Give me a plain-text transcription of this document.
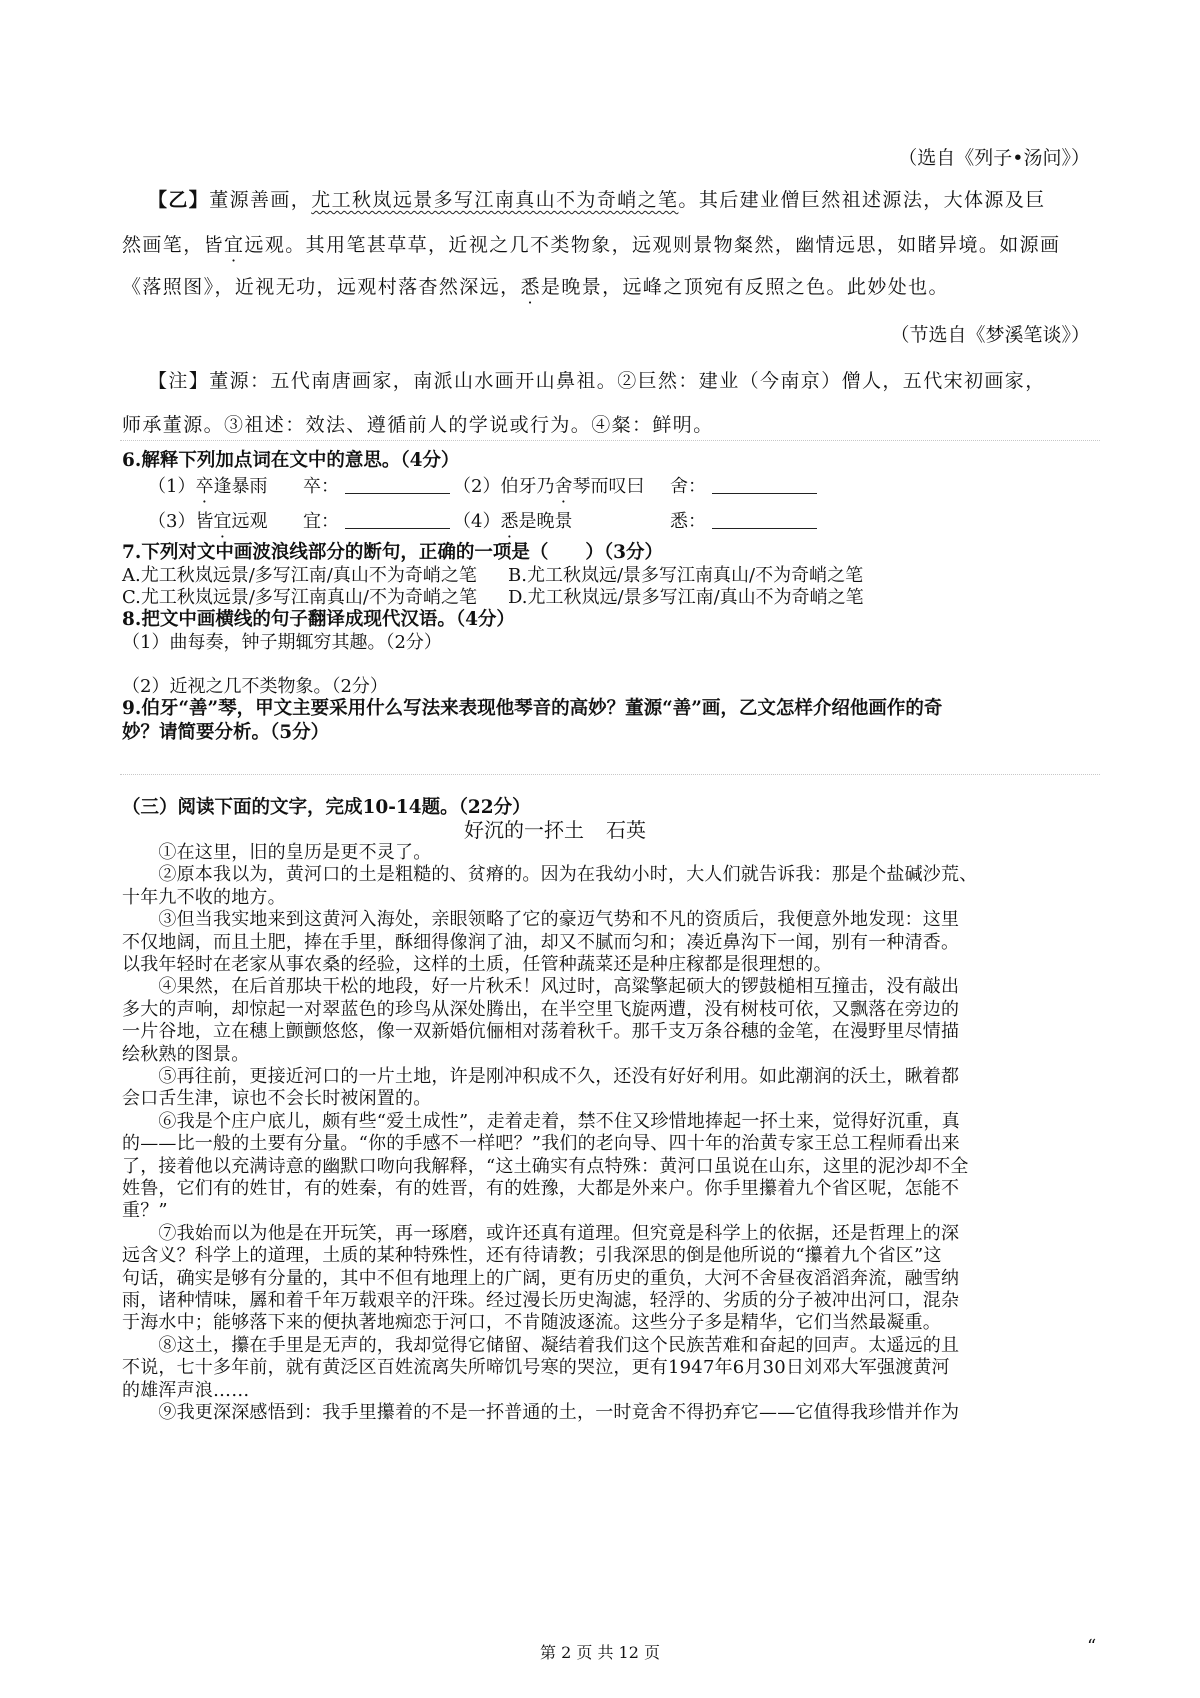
（选自《列子•汤问》）
【乙】董源善画，尤工秋岚远景多写江南真山不为奇峭之笔。其后建业僧巨然祖述源法，大体源及巨
然画笔，皆宜远观。其用笔甚草草，近视之几不类物象，远观则景物粲然，幽情远思，如睹异境。如源画
《落照图》，近视无功，远观村落杳然深远，悉是晚景，远峰之顶宛有反照之色。此妙处也。
（节选自《梦溪笔谈》）
【注】董源：五代南唐画家，南派山水画开山鼻祖。②巨然：建业（今南京）僧人，五代宋初画家，
师承董源。③祖述：效法、遵循前人的学说或行为。④粲：鲜明。
6.解释下列加点词在文中的意思。（4分）
（1）卒逢暴雨 卒：	（2）伯牙乃舍琴而叹曰 舍：
（3）皆宜远观 宜：	（4）悉是晚景	悉：
7.下列对文中画波浪线部分的断句，正确的一项是（　　）（3分）
A.尤工秋岚远景/多写江南/真山不为奇峭之笔 B.尤工秋岚远/景多写江南真山/不为奇峭之笔
C.尤工秋岚远景/多写江南真山/不为奇峭之笔 D.尤工秋岚远/景多写江南/真山不为奇峭之笔
8.把文中画横线的句子翻译成现代汉语。（4分）
（1）曲每奏，钟子期辄穷其趣。（2分）
（2）近视之几不类物象。（2分）
9.伯牙“善”琴，甲文主要采用什么写法来表现他琴音的高妙？董源“善”画，乙文怎样介绍他画作的奇
妙？请简要分析。（5分）
（三）阅读下面的文字，完成10-14题。（22分）
好沉的一抔土 石英
　　①在这里，旧的皇历是更不灵了。
　　②原本我以为，黄河口的土是粗糙的、贫瘠的。因为在我幼小时，大人们就告诉我：那是个盐碱沙荒、
十年九不收的地方。
　　③但当我实地来到这黄河入海处，亲眼领略了它的豪迈气势和不凡的资质后，我便意外地发现：这里
不仅地阔，而且土肥，捧在手里，酥细得像润了油，却又不腻而匀和；凑近鼻沟下一闻，别有一种清香。
以我年轻时在老家从事农桑的经验，这样的土质，任管种蔬菜还是种庄稼都是很理想的。
　　④果然，在后首那块干松的地段，好一片秋禾！风过时，高粱擎起硕大的锣鼓槌相互撞击，没有敲出
多大的声响，却惊起一对翠蓝色的珍鸟从深处腾出，在半空里飞旋两遭，没有树枝可依，又飘落在旁边的
一片谷地，立在穗上颤颤悠悠，像一双新婚伉俪相对荡着秋千。那千支万条谷穗的金笔，在漫野里尽情描
绘秋熟的图景。
　　⑤再往前，更接近河口的一片土地，许是刚冲积成不久，还没有好好利用。如此潮润的沃土，瞅着都
会口舌生津，谅也不会长时被闲置的。
　　⑥我是个庄户底儿，颇有些“爱土成性”，走着走着，禁不住又珍惜地捧起一抔土来，觉得好沉重，真
的——比一般的土要有分量。“你的手感不一样吧？”我们的老向导、四十年的治黄专家王总工程师看出来
了，接着他以充满诗意的幽默口吻向我解释，“这土确实有点特殊：黄河口虽说在山东，这里的泥沙却不全
姓鲁，它们有的姓甘，有的姓秦，有的姓晋，有的姓豫，大都是外来户。你手里攥着九个省区呢，怎能不
重？”
　　⑦我始而以为他是在开玩笑，再一琢磨，或许还真有道理。但究竟是科学上的依据，还是哲理上的深
远含义？科学上的道理，土质的某种特殊性，还有待请教；引我深思的倒是他所说的“攥着九个省区”这
句话，确实是够有分量的，其中不但有地理上的广阔，更有历史的重负，大河不舍昼夜滔滔奔流，融雪纳
雨，诸种情味，羼和着千年万载艰辛的汗珠。经过漫长历史淘滤，轻浮的、劣质的分子被冲出河口，混杂
于海水中；能够落下来的便执著地痴恋于河口，不肯随波逐流。这些分子多是精华，它们当然最凝重。
　　⑧这土，攥在手里是无声的，我却觉得它储留、凝结着我们这个民族苦难和奋起的回声。太遥远的且
不说，七十多年前，就有黄泛区百姓流离失所啼饥号寒的哭泣，更有1947年6月30日刘邓大军强渡黄河
的雄浑声浪……
　　⑨我更深深感悟到：我手里攥着的不是一抔普通的土，一时竟舍不得扔弃它——它值得我珍惜并作为
第 2 页 共 12 页	“
